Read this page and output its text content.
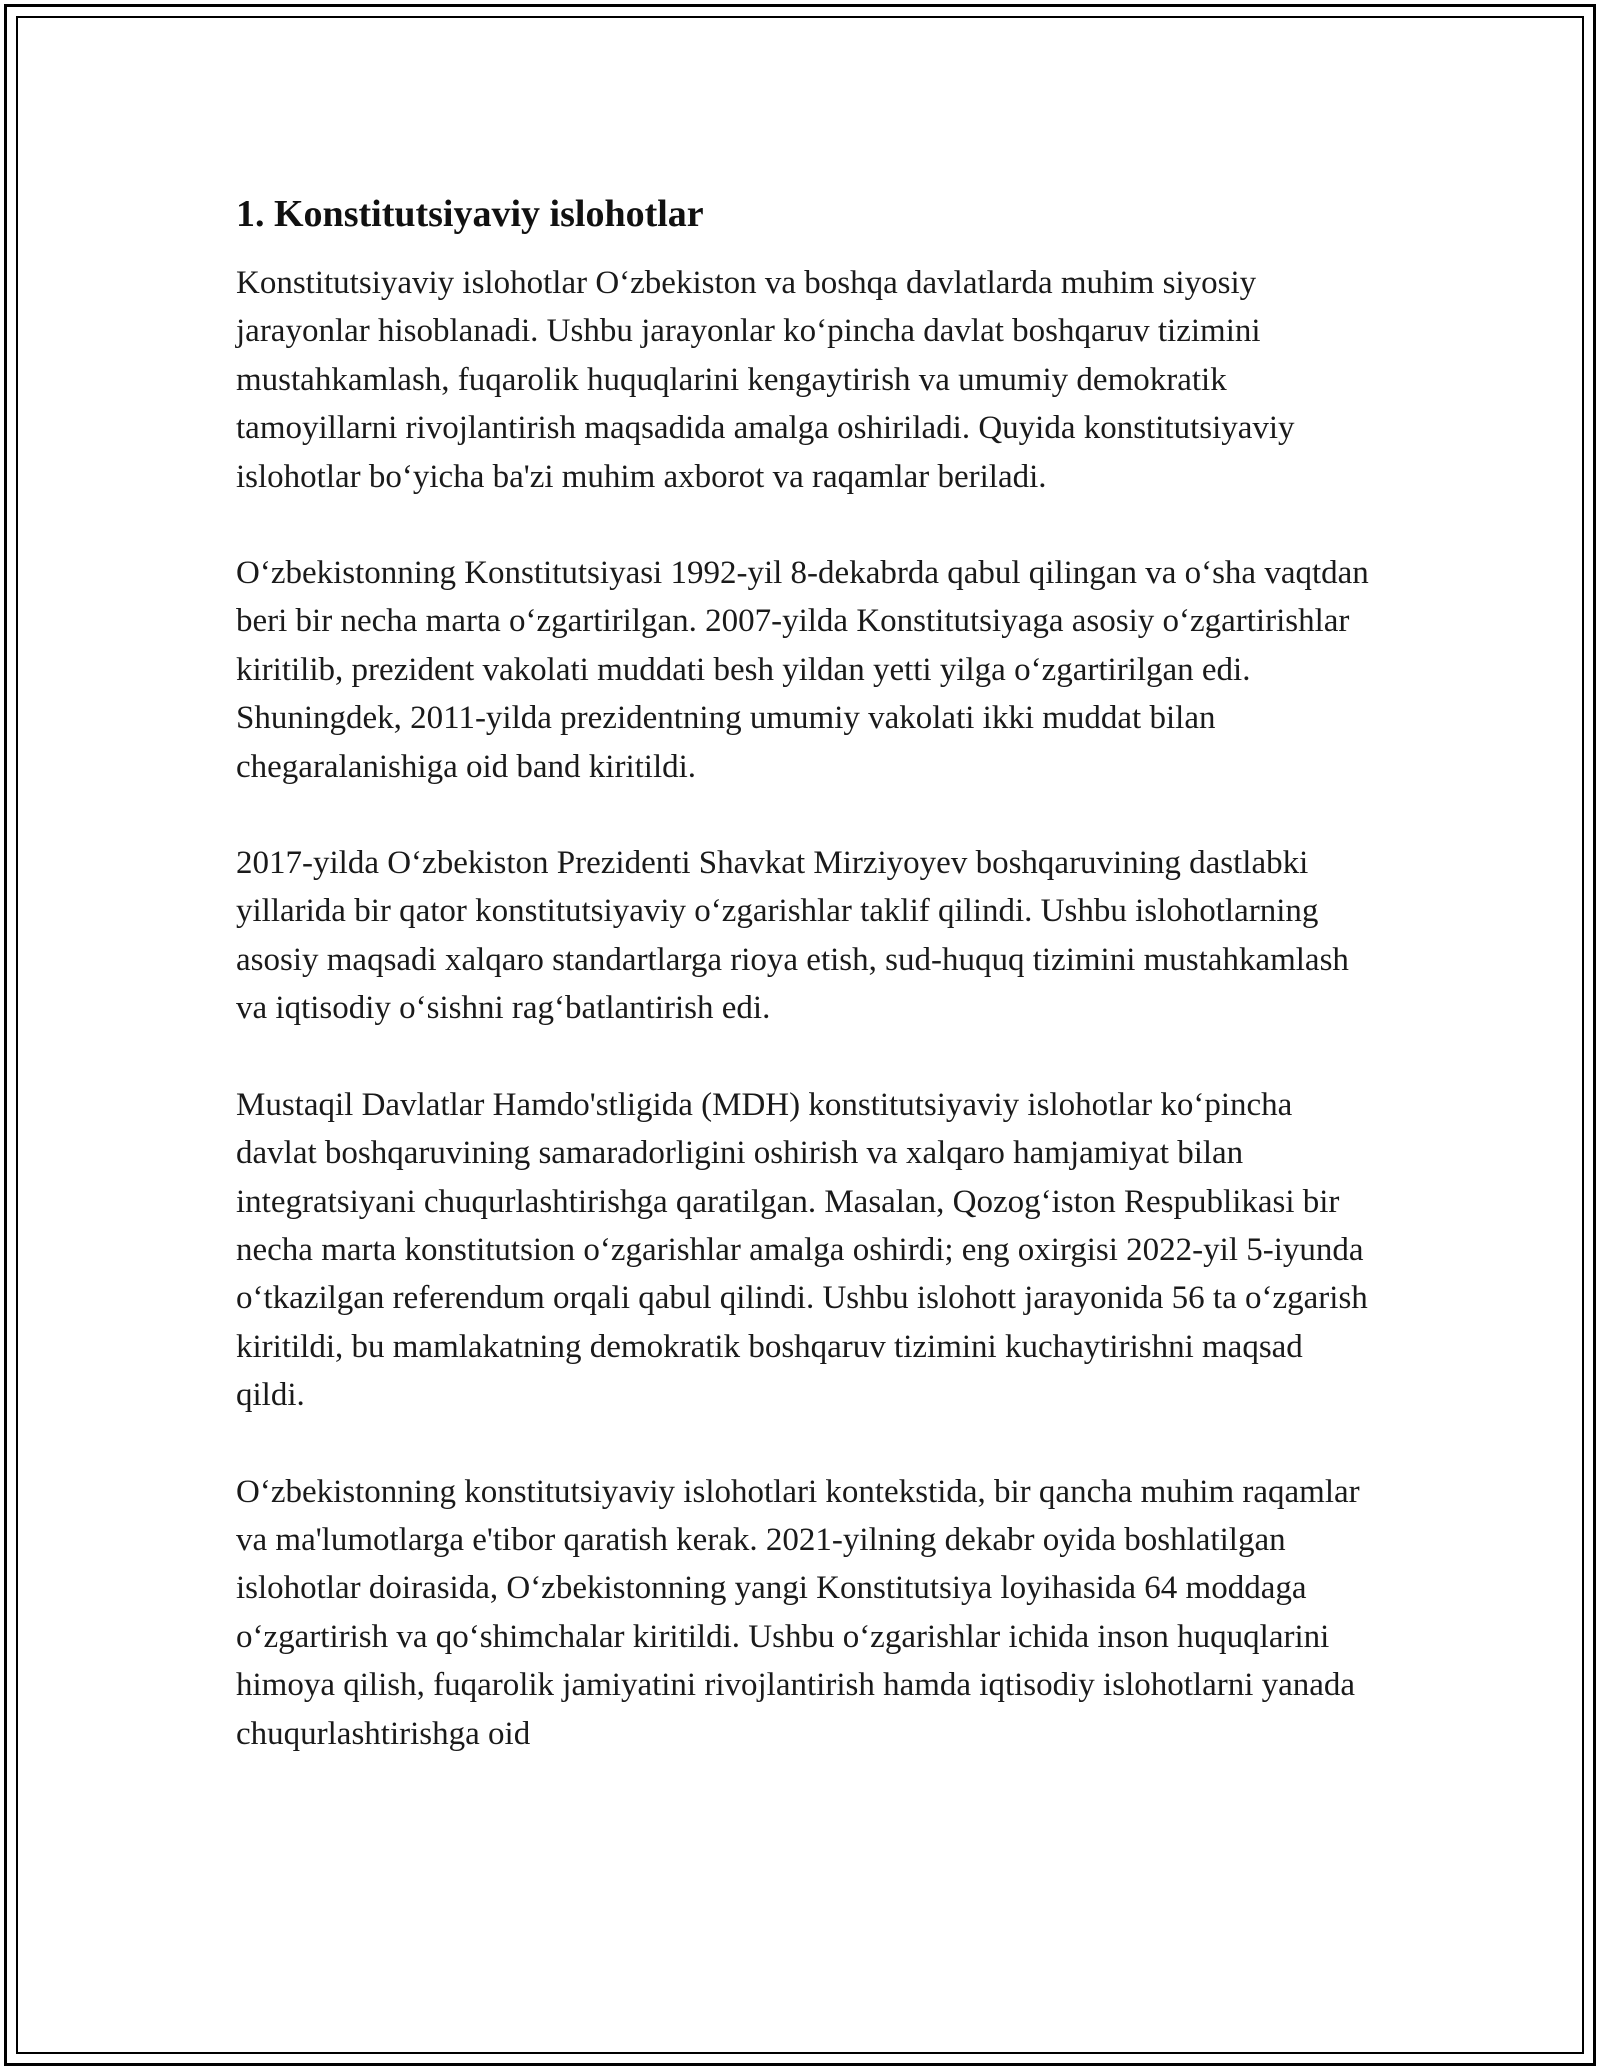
1. Konstitutsiyaviy islohotlar

Konstitutsiyaviy islohotlar O‘zbekiston va boshqa davlatlarda muhim siyosiy jarayonlar hisoblanadi. Ushbu jarayonlar ko‘pincha davlat boshqaruv tizimini mustahkamlash, fuqarolik huquqlarini kengaytirish va umumiy demokratik tamoyillarni rivojlantirish maqsadida amalga oshiriladi. Quyida konstitutsiyaviy islohotlar bo‘yicha ba'zi muhim axborot va raqamlar beriladi.

O‘zbekistonning Konstitutsiyasi 1992-yil 8-dekabrda qabul qilingan va o‘sha vaqtdan beri bir necha marta o‘zgartirilgan. 2007-yilda Konstitutsiyaga asosiy o‘zgartirishlar kiritilib, prezident vakolati muddati besh yildan yetti yilga o‘zgartirilgan edi. Shuningdek, 2011-yilda prezidentning umumiy vakolati ikki muddat bilan chegaralanishiga oid band kiritildi.

2017-yilda O‘zbekiston Prezidenti Shavkat Mirziyoyev boshqaruvining dastlabki yillarida bir qator konstitutsiyaviy o‘zgarishlar taklif qilindi. Ushbu islohotlarning asosiy maqsadi xalqaro standartlarga rioya etish, sud-huquq tizimini mustahkamlash va iqtisodiy o‘sishni rag‘batlantirish edi.

Mustaqil Davlatlar Hamdo'stligida (MDH) konstitutsiyaviy islohotlar ko‘pincha davlat boshqaruvining samaradorligini oshirish va xalqaro hamjamiyat bilan integratsiyani chuqurlashtirishga qaratilgan. Masalan, Qozog‘iston Respublikasi bir necha marta konstitutsion o‘zgarishlar amalga oshirdi; eng oxirgisi 2022-yil 5-iyunda o‘tkazilgan referendum orqali qabul qilindi. Ushbu islohott jarayonida 56 ta o‘zgarish kiritildi, bu mamlakatning demokratik boshqaruv tizimini kuchaytirishni maqsad qildi.

O‘zbekistonning konstitutsiyaviy islohotlari kontekstida, bir qancha muhim raqamlar va ma'lumotlarga e'tibor qaratish kerak. 2021-yilning dekabr oyida boshlatilgan islohotlar doirasida, O‘zbekistonning yangi Konstitutsiya loyihasida 64 moddaga o‘zgartirish va qo‘shimchalar kiritildi. Ushbu o‘zgarishlar ichida inson huquqlarini himoya qilish, fuqarolik jamiyatini rivojlantirish hamda iqtisodiy islohotlarni yanada chuqurlashtirishga oid
